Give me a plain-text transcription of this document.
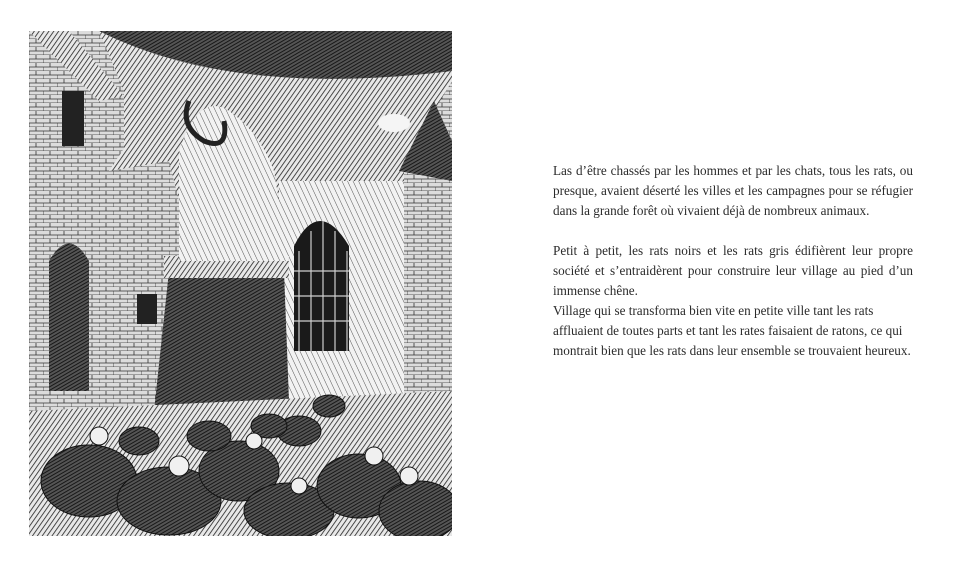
Las d’être chassés par les hommes et par les chats, tous les rats, ou presque, avaient déserté les villes et les campagnes pour se réfugier dans la grande forêt où vivaient déjà de nombreux animaux.

Petit à petit, les rats noirs et les rats gris édifièrent leur propre société et s’entraidèrent pour construire leur village au pied d’un immense chêne.

Village qui se transforma bien vite en petite ville tant les rats affluaient de toutes parts et tant les rates faisaient de ratons, ce qui montrait bien que les rats dans leur ensemble se trouvaient heureux.
